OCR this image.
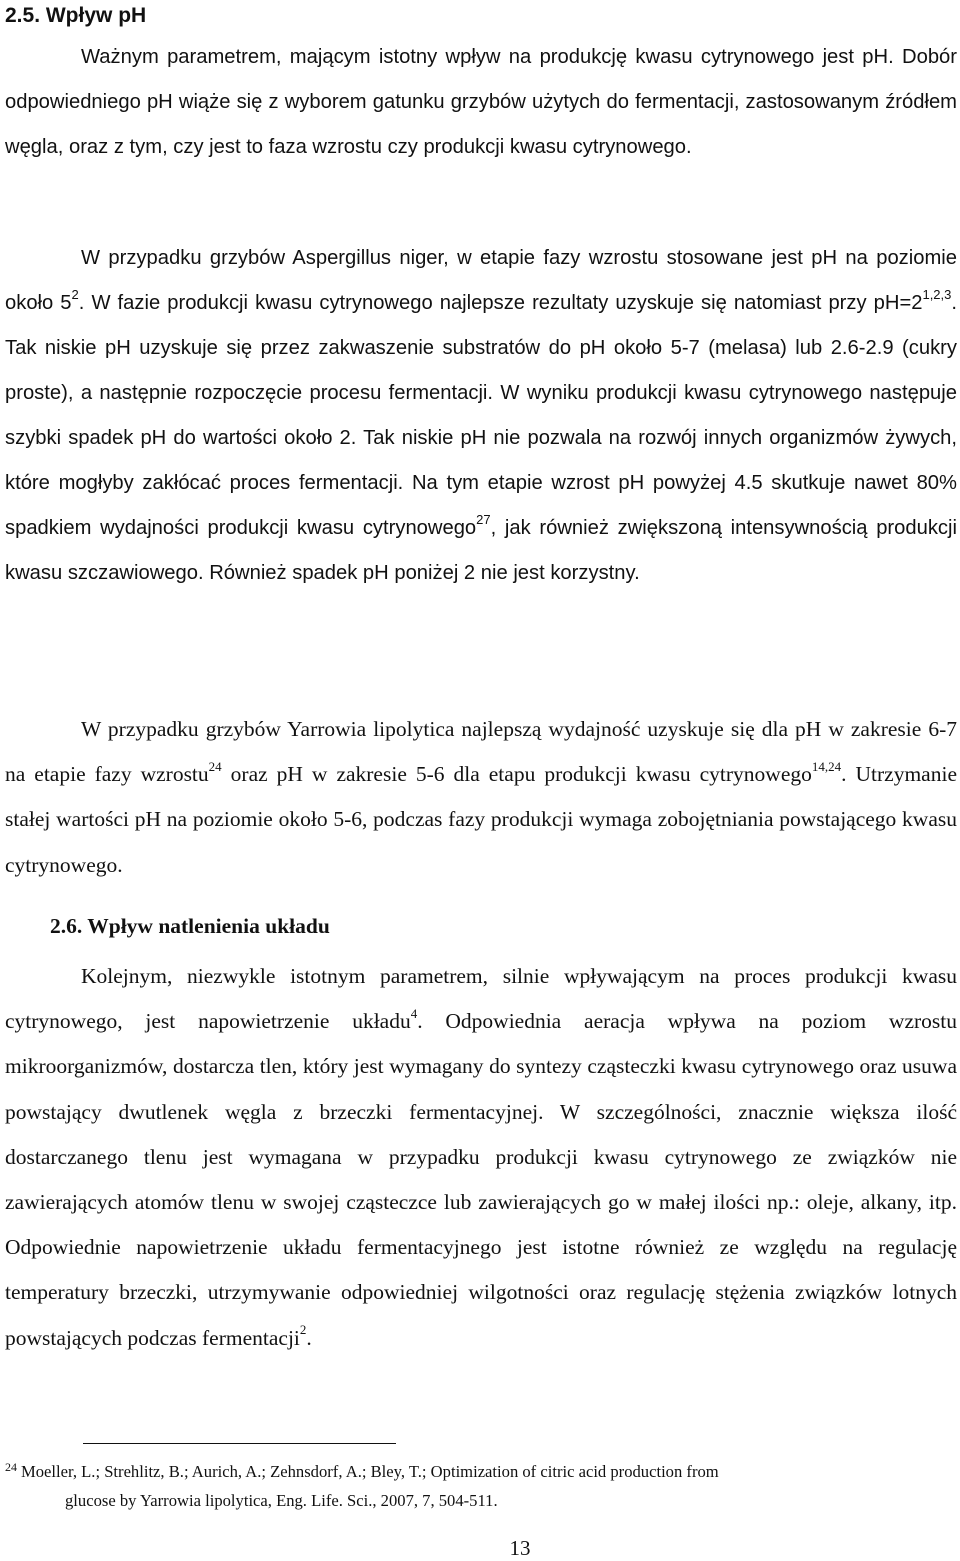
2.5. Wpływ pH

Ważnym parametrem, mającym istotny wpływ na produkcję kwasu cytrynowego jest pH. Dobór odpowiedniego pH wiąże się z wyborem gatunku grzybów użytych do fermentacji, zastosowanym źródłem węgla, oraz z tym, czy jest to faza wzrostu czy produkcji kwasu cytrynowego.

W przypadku grzybów Aspergillus niger, w etapie fazy wzrostu stosowane jest pH na poziomie około $5^2$. W fazie produkcji kwasu cytrynowego najlepsze rezultaty uzyskuje się natomiast przy $pH=2^{1,2,3}$. Tak niskie pH uzyskuje się przez zakwaszenie substratów do pH około 5-7 (melasa) lub 2.6-2.9 (cukry proste), a następnie rozpoczęcie procesu fermentacji. W wyniku produkcji kwasu cytrynowego następuje szybki spadek pH do wartości około 2. Tak niskie pH nie pozwala na rozwój innych organizmów żywych, które mogłyby zakłócać proces fermentacji. Na tym etapie wzrost pH powyżej 4.5 skutkuje nawet 80% spadkiem wydajności produkcji kwasu cytrynowego$^{27}$, jak również zwiększoną intensywnością produkcji kwasu szczawiowego. Również spadek pH poniżej 2 nie jest korzystny.

W przypadku grzybów Yarrowia lipolytica najlepszą wydajność uzyskuje się dla pH w zakresie 6-7 na etapie fazy wzrostu$^{24}$ oraz pH w zakresie 5-6 dla etapu produkcji kwasu cytrynowego$^{14,24}$. Utrzymanie stałej wartości pH na poziomie około 5-6, podczas fazy produkcji wymaga zobojętniania powstającego kwasu cytrynowego.

2.6. Wpływ natlenienia układu

Kolejnym, niezwykle istotnym parametrem, silnie wpływającym na proces produkcji kwasu cytrynowego, jest napowietrzenie układu$^4$. Odpowiednia aeracja wpływa na poziom wzrostu mikroorganizmów, dostarcza tlen, który jest wymagany do syntezy cząsteczki kwasu cytrynowego oraz usuwa powstający dwutlenek węgla z brzeczki fermentacyjnej. W szczególności, znacznie większa ilość dostarczanego tlenu jest wymagana w przypadku produkcji kwasu cytrynowego ze związków nie zawierających atomów tlenu w swojej cząsteczce lub zawierających go w małej ilości np.: oleje, alkany, itp. Odpowiednie napowietrzenie układu fermentacyjnego jest istotne również ze względu na regulację temperatury brzeczki, utrzymywanie odpowiedniej wilgotności oraz regulację stężenia związków lotnych powstających podczas fermentacji$^2$.

$^{24}$ Moeller, L.; Strehlitz, B.; Aurich, A.; Zehnsdorf, A.; Bley, T.; Optimization of citric acid production from
glucose by Yarrowia lipolytica, Eng. Life. Sci., 2007, 7, 504-511.

13
